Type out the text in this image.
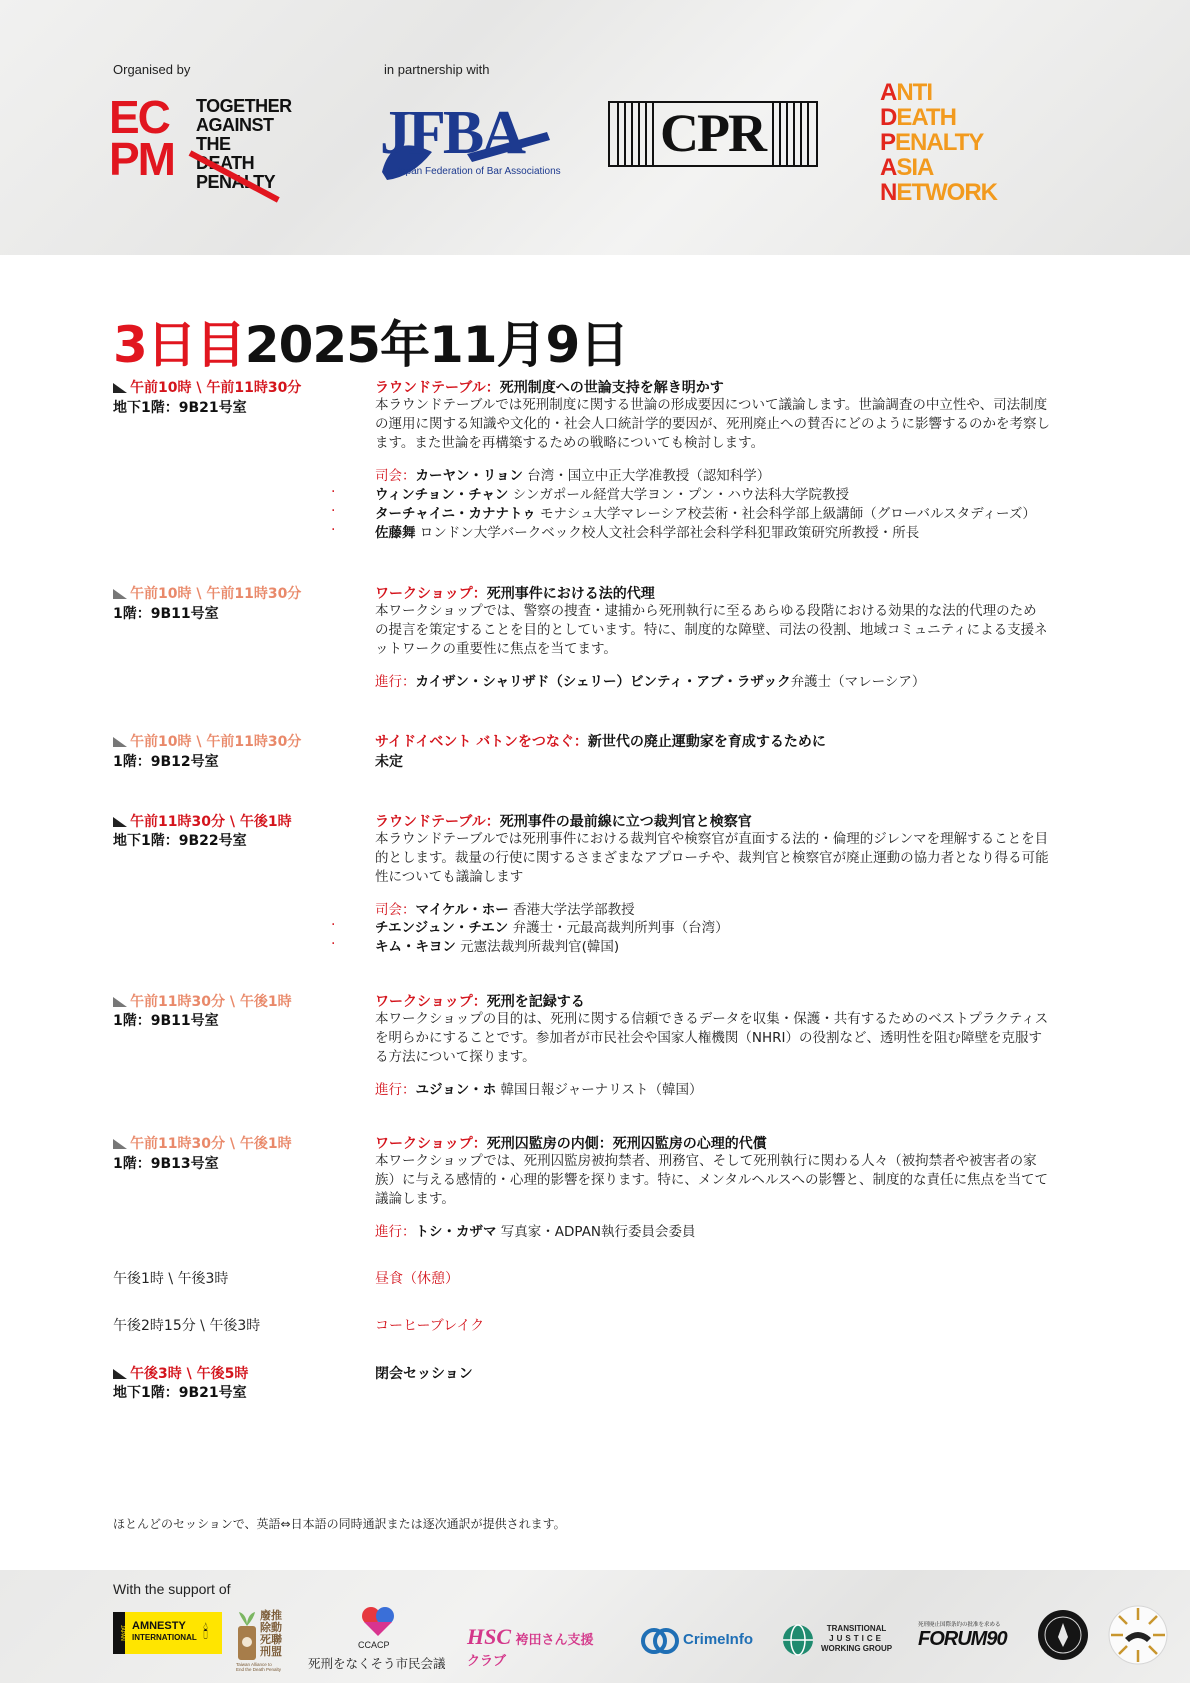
Organised by	in partnership with
EC
PM
TOGETHER
AGAINST
THE DEATH
PENALTY
JFBA
Japan Federation of Bar Associations
CPR
ANTI
DEATH
PENALTY
ASIA
NETWORK
3日目2025年11月9日
午前10時 \ 午前11時30分
地下1階：9B21号室
ラウンドテーブル：死刑制度への世論支持を解き明かす
本ラウンドテーブルでは死刑制度に関する世論の形成要因について議論します。世論調査の中立性や、司法制度の運用に関する知識や文化的・社会人口統計学的要因が、死刑廃止への賛否にどのように影響するのかを考察します。また世論を再構築するための戦略についても検討します。
司会：カーヤン・リョン 台湾・国立中正大学准教授（認知科学）
·	ウィンチョン・チャン シンガポール経営大学ヨン・プン・ハウ法科大学院教授
·	ターチャイニ・カナナトゥ モナシュ大学マレーシア校芸術・社会科学部上級講師（グローバルスタディーズ）
·	佐藤舞 ロンドン大学バークベック校人文社会科学部社会科学科犯罪政策研究所教授・所長
午前10時 \ 午前11時30分
1階：9B11号室
ワークショップ：死刑事件における法的代理
本ワークショップでは、警察の捜査・逮捕から死刑執行に至るあらゆる段階における効果的な法的代理のための提言を策定することを目的としています。特に、制度的な障壁、司法の役割、地域コミュニティによる支援ネットワークの重要性に焦点を当てます。
進行：カイザン・シャリザド（シェリー）ビンティ・アブ・ラザック弁護士（マレーシア）
午前10時 \ 午前11時30分
1階：9B12号室
サイドイベント バトンをつなぐ：新世代の廃止運動家を育成するために
未定
午前11時30分 \ 午後1時
地下1階：9B22号室
ラウンドテーブル：死刑事件の最前線に立つ裁判官と検察官
本ラウンドテーブルでは死刑事件における裁判官や検察官が直面する法的・倫理的ジレンマを理解することを目的とします。裁量の行使に関するさまざまなアプローチや、裁判官と検察官が廃止運動の協力者となり得る可能性についても議論します
司会：マイケル・ホー 香港大学法学部教授
·	チエンジュン・チエン 弁護士・元最高裁判所判事（台湾）
·	キム・キヨン 元憲法裁判所裁判官(韓国)
午前11時30分 \ 午後1時
1階：9B11号室
ワークショップ：死刑を記録する
本ワークショップの目的は、死刑に関する信頼できるデータを収集・保護・共有するためのベストプラクティスを明らかにすることです。参加者が市民社会や国家人権機関（NHRI）の役割など、透明性を阻む障壁を克服する方法について探ります。
進行：ユジョン・ホ 韓国日報ジャーナリスト（韓国）
午前11時30分 \ 午後1時
1階：9B13号室
ワークショップ：死刑囚監房の内側：死刑囚監房の心理的代償
本ワークショップでは、死刑囚監房被拘禁者、刑務官、そして死刑執行に関わる人々（被拘禁者や被害者の家族）に与える感情的・心理的影響を探ります。特に、メンタルヘルスへの影響と、制度的な責任に焦点を当てて議論します。
進行：トシ・カザマ 写真家・ADPAN執行委員会委員
午後1時 \ 午後3時	昼食（休憩）
午後2時15分 \ 午後3時	コーヒーブレイク
午後3時 \ 午後5時
地下1階：9B21号室
閉会セッション
ほとんどのセッションで、英語⇔日本語の同時通訳または逐次通訳が提供されます。
With the support of
JAPAN AMNESTY
INTERNATIONAL 🕯
廢推
除動
死聯
刑盟
Taiwan Alliance to
End the Death Penalty
CCACP
死刑をなくそう市民会議
HSC 袴田さん支援クラブ
CrimeInfo
TRANSITIONAL
JUSTICE
WORKING GROUP
死刑廃止国際条約の批准を求める
FORUM90
